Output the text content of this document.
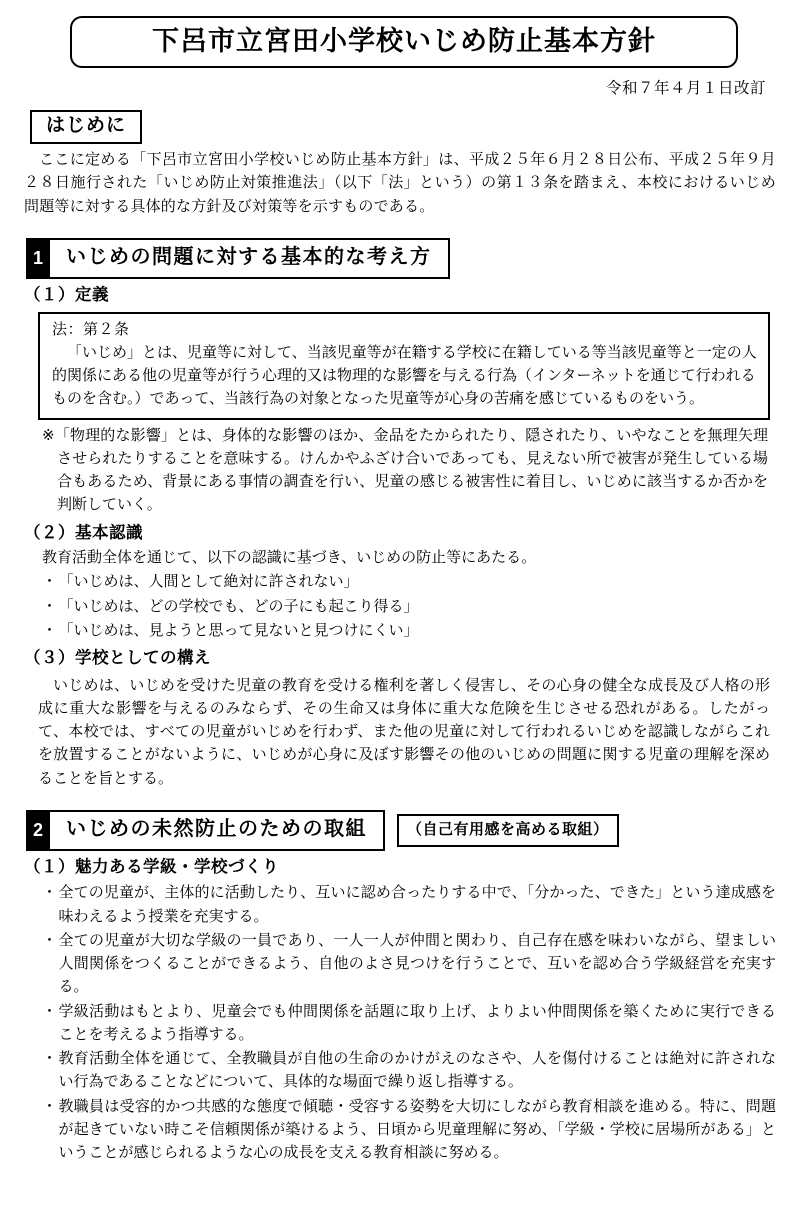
下呂市立宮田小学校いじめ防止基本方針
令和７年４月１日改訂
はじめに

ここに定める「下呂市立宮田小学校いじめ防止基本方針」は、平成２５年６月２８日公布、平成２５年９月２８日施行された「いじめ防止対策推進法」（以下「法」という）の第１３条を踏まえ、本校におけるいじめ問題等に対する具体的な方針及び対策等を示すものである。

1	いじめの問題に対する基本的な考え方
（１）定義

法：第２条

「いじめ」とは、児童等に対して、当該児童等が在籍する学校に在籍している等当該児童等と一定の人的関係にある他の児童等が行う心理的又は物理的な影響を与える行為（インターネットを通じて行われるものを含む。）であって、当該行為の対象となった児童等が心身の苦痛を感じているものをいう。

※「物理的な影響」とは、身体的な影響のほか、金品をたかられたり、隠されたり、いやなことを無理矢理させられたりすることを意味する。けんかやふざけ合いであっても、見えない所で被害が発生している場合もあるため、背景にある事情の調査を行い、児童の感じる被害性に着目し、いじめに該当するか否かを判断していく。

（２）基本認識

教育活動全体を通じて、以下の認識に基づき、いじめの防止等にあたる。

・ 「いじめは、人間として絶対に許されない」
・ 「いじめは、どの学校でも、どの子にも起こり得る」
・ 「いじめは、見ようと思って見ないと見つけにくい」
（３）学校としての構え

いじめは、いじめを受けた児童の教育を受ける権利を著しく侵害し、その心身の健全な成長及び人格の形成に重大な影響を与えるのみならず、その生命又は身体に重大な危険を生じさせる恐れがある。したがって、本校では、すべての児童がいじめを行わず、また他の児童に対して行われるいじめを認識しながらこれを放置することがないように、いじめが心身に及ぼす影響その他のいじめの問題に関する児童の理解を深めることを旨とする。

2	いじめの未然防止のための取組	（自己有用感を高める取組）
（１）魅力ある学級・学校づくり
・ 全ての児童が、主体的に活動したり、互いに認め合ったりする中で、「分かった、できた」という達成感を味わえるよう授業を充実する。
・ 全ての児童が大切な学級の一員であり、一人一人が仲間と関わり、自己存在感を味わいながら、望ましい人間関係をつくることができるよう、自他のよさ見つけを行うことで、互いを認め合う学級経営を充実する。
・ 学級活動はもとより、児童会でも仲間関係を話題に取り上げ、よりよい仲間関係を築くために実行できることを考えるよう指導する。
・ 教育活動全体を通じて、全教職員が自他の生命のかけがえのなさや、人を傷付けることは絶対に許されない行為であることなどについて、具体的な場面で繰り返し指導する。
・ 教職員は受容的かつ共感的な態度で傾聴・受容する姿勢を大切にしながら教育相談を進める。特に、問題が起きていない時こそ信頼関係が築けるよう、日頃から児童理解に努め、「学級・学校に居場所がある」ということが感じられるような心の成長を支える教育相談に努める。
